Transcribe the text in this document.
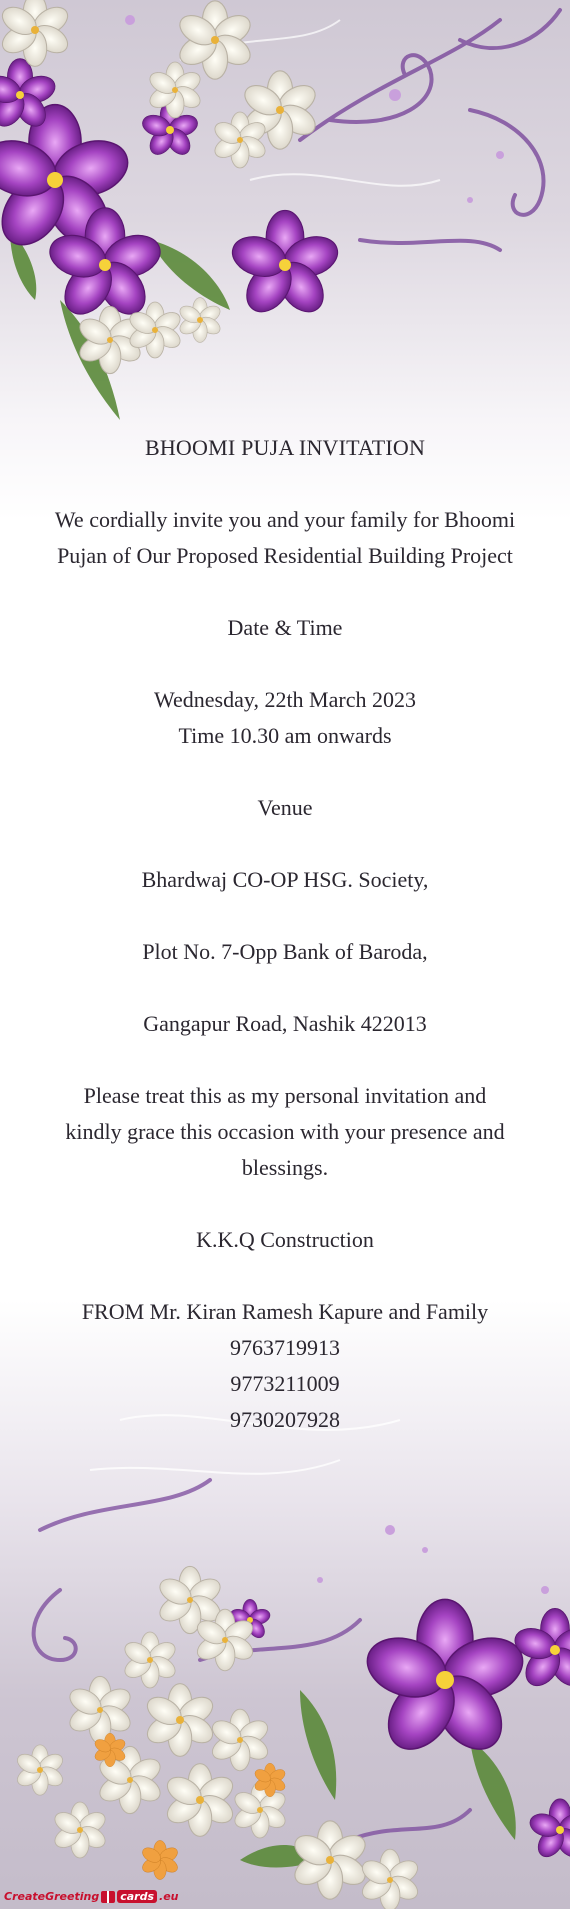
BHOOMI PUJA INVITATION
We cordially invite you and your family for Bhoomi
Pujan of Our Proposed Residential Building Project
Date & Time
Wednesday, 22th March 2023
Time 10.30 am onwards
Venue
Bhardwaj CO-OP HSG. Society,
Plot No. 7-Opp Bank of Baroda,
Gangapur Road, Nashik 422013
Please treat this as my personal invitation and
kindly grace this occasion with your presence and
blessings.
K.K.Q Construction
FROM Mr. Kiran Ramesh Kapure and Family
9763719913
9773211009
9730207928
CreateGreeting cards .eu
